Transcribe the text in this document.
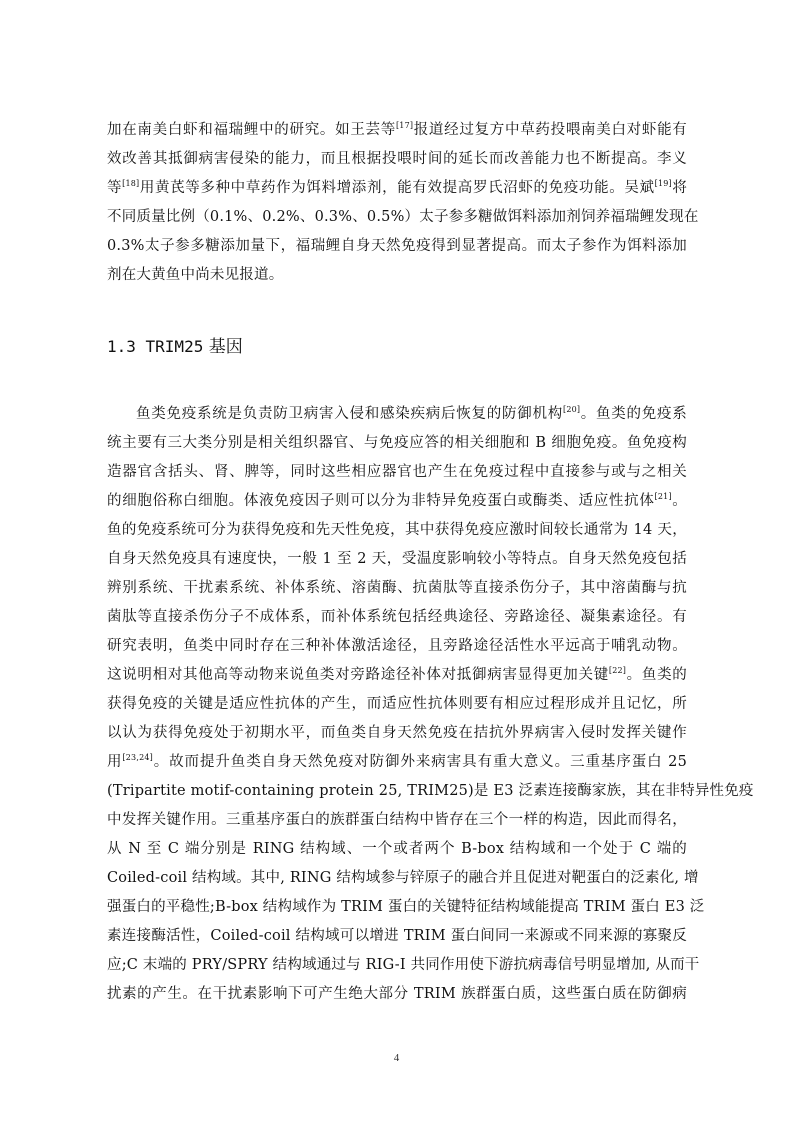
加在南美白虾和福瑞鲤中的研究。如王芸等[17]报道经过复方中草药投喂南美白对虾能有
效改善其抵御病害侵染的能力，而且根据投喂时间的延长而改善能力也不断提高。李义
等[18]用黄芪等多种中草药作为饵料增添剂，能有效提高罗氏沼虾的免疫功能。吴斌[19]将
不同质量比例（0.1%、0.2%、0.3%、0.5%）太子参多糖做饵料添加剂饲养福瑞鲤发现在
0.3%太子参多糖添加量下，福瑞鲤自身天然免疫得到显著提高。而太子参作为饵料添加
剂在大黄鱼中尚未见报道。
1.3 TRIM25 基因
鱼类免疫系统是负责防卫病害入侵和感染疾病后恢复的防御机构[20]。鱼类的免疫系
统主要有三大类分别是相关组织器官、与免疫应答的相关细胞和 B 细胞免疫。鱼免疫构
造器官含括头、肾、脾等，同时这些相应器官也产生在免疫过程中直接参与或与之相关
的细胞俗称白细胞。体液免疫因子则可以分为非特异免疫蛋白或酶类、适应性抗体[21]。
鱼的免疫系统可分为获得免疫和先天性免疫，其中获得免疫应激时间较长通常为 14 天，
自身天然免疫具有速度快，一般 1 至 2 天，受温度影响较小等特点。自身天然免疫包括
辨别系统、干扰素系统、补体系统、溶菌酶、抗菌肽等直接杀伤分子，其中溶菌酶与抗
菌肽等直接杀伤分子不成体系，而补体系统包括经典途径、旁路途径、凝集素途径。有
研究表明，鱼类中同时存在三种补体激活途径，且旁路途径活性水平远高于哺乳动物。
这说明相对其他高等动物来说鱼类对旁路途径补体对抵御病害显得更加关键[22]。鱼类的
获得免疫的关键是适应性抗体的产生，而适应性抗体则要有相应过程形成并且记忆，所
以认为获得免疫处于初期水平，而鱼类自身天然免疫在拮抗外界病害入侵时发挥关键作
用[23,24]。故而提升鱼类自身天然免疫对防御外来病害具有重大意义。三重基序蛋白 25
(Tripartite motif-containing protein 25, TRIM25)是 E3 泛素连接酶家族，其在非特异性免疫
中发挥关键作用。三重基序蛋白的族群蛋白结构中皆存在三个一样的构造，因此而得名，
从 N 至 C 端分别是 RING 结构域、一个或者两个 B-box 结构域和一个处于 C 端的
Coiled-coil 结构域。其中, RING 结构域参与锌原子的融合并且促进对靶蛋白的泛素化, 增
强蛋白的平稳性;B-box 结构域作为 TRIM 蛋白的关键特征结构域能提高 TRIM 蛋白 E3 泛
素连接酶活性，Coiled-coil 结构域可以增进 TRIM 蛋白间同一来源或不同来源的寡聚反
应;C 末端的 PRY/SPRY 结构域通过与 RIG-I 共同作用使下游抗病毒信号明显增加, 从而干
扰素的产生。在干扰素影响下可产生绝大部分 TRIM 族群蛋白质，这些蛋白质在防御病
4
